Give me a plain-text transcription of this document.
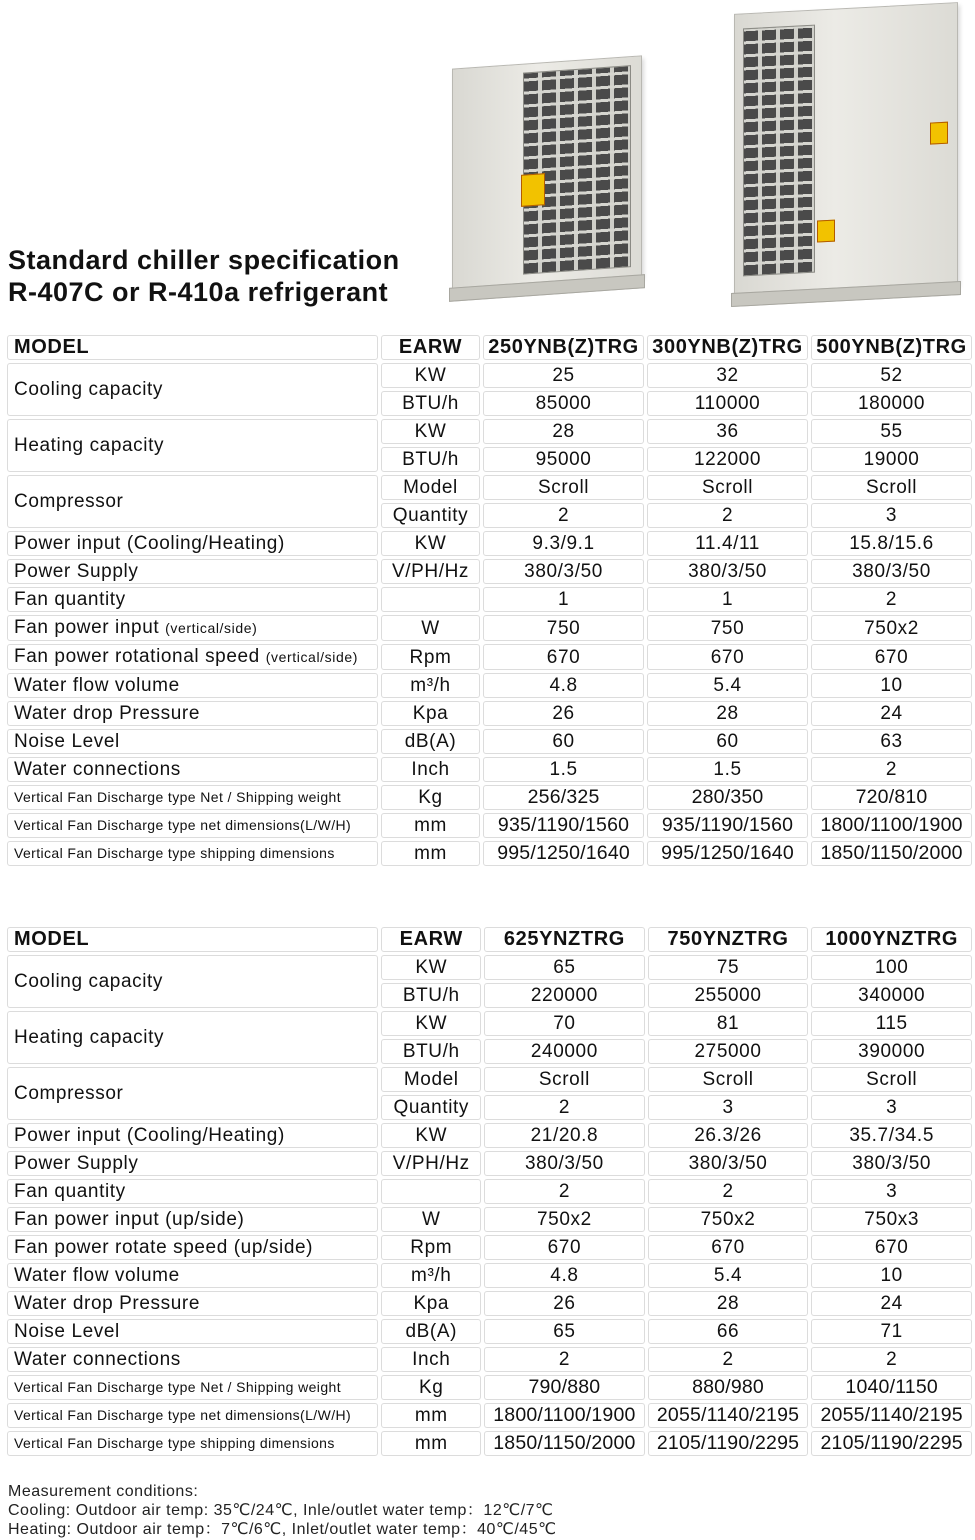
Standard chiller specification
R-407C or R-410a refrigerant
MODEL	EARW	250YNB(Z)TRG	300YNB(Z)TRG	500YNB(Z)TRG
Cooling capacity	KW	25	32	52
	BTU/h	85000	110000	180000
Heating capacity	KW	28	36	55
	BTU/h	95000	122000	19000
Compressor	Model	Scroll	Scroll	Scroll
	Quantity	2	2	3
Power input (Cooling/Heating)	KW	9.3/9.1	11.4/11	15.8/15.6
Power Supply	V/PH/Hz	380/3/50	380/3/50	380/3/50
Fan quantity		1	1	2
Fan power input (vertical/side)	W	750	750	750x2
Fan power rotational speed (vertical/side)	Rpm	670	670	670
Water flow volume	m³/h	4.8	5.4	10
Water drop Pressure	Kpa	26	28	24
Noise Level	dB(A)	60	60	63
Water connections	Inch	1.5	1.5	2
Vertical Fan Discharge type Net / Shipping weight	Kg	256/325	280/350	720/810
Vertical Fan Discharge type net dimensions(L/W/H)	mm	935/1190/1560	935/1190/1560	1800/1100/1900
Vertical Fan Discharge type shipping dimensions	mm	995/1250/1640	995/1250/1640	1850/1150/2000
MODEL	EARW	625YNZTRG	750YNZTRG	1000YNZTRG
Cooling capacity	KW	65	75	100
	BTU/h	220000	255000	340000
Heating capacity	KW	70	81	115
	BTU/h	240000	275000	390000
Compressor	Model	Scroll	Scroll	Scroll
	Quantity	2	3	3
Power input (Cooling/Heating)	KW	21/20.8	26.3/26	35.7/34.5
Power Supply	V/PH/Hz	380/3/50	380/3/50	380/3/50
Fan quantity		2	2	3
Fan power input (up/side)	W	750x2	750x2	750x3
Fan power rotate speed (up/side)	Rpm	670	670	670
Water flow volume	m³/h	4.8	5.4	10
Water drop Pressure	Kpa	26	28	24
Noise Level	dB(A)	65	66	71
Water connections	Inch	2	2	2
Vertical Fan Discharge type Net / Shipping weight	Kg	790/880	880/980	1040/1150
Vertical Fan Discharge type net dimensions(L/W/H)	mm	1800/1100/1900	2055/1140/2195	2055/1140/2195
Vertical Fan Discharge type shipping dimensions	mm	1850/1150/2000	2105/1190/2295	2105/1190/2295
Measurement conditions:
Cooling: Outdoor air temp: 35℃/24℃, Inle/outlet water temp：12℃/7℃
Heating: Outdoor air temp：7℃/6℃, Inlet/outlet water temp：40℃/45℃
